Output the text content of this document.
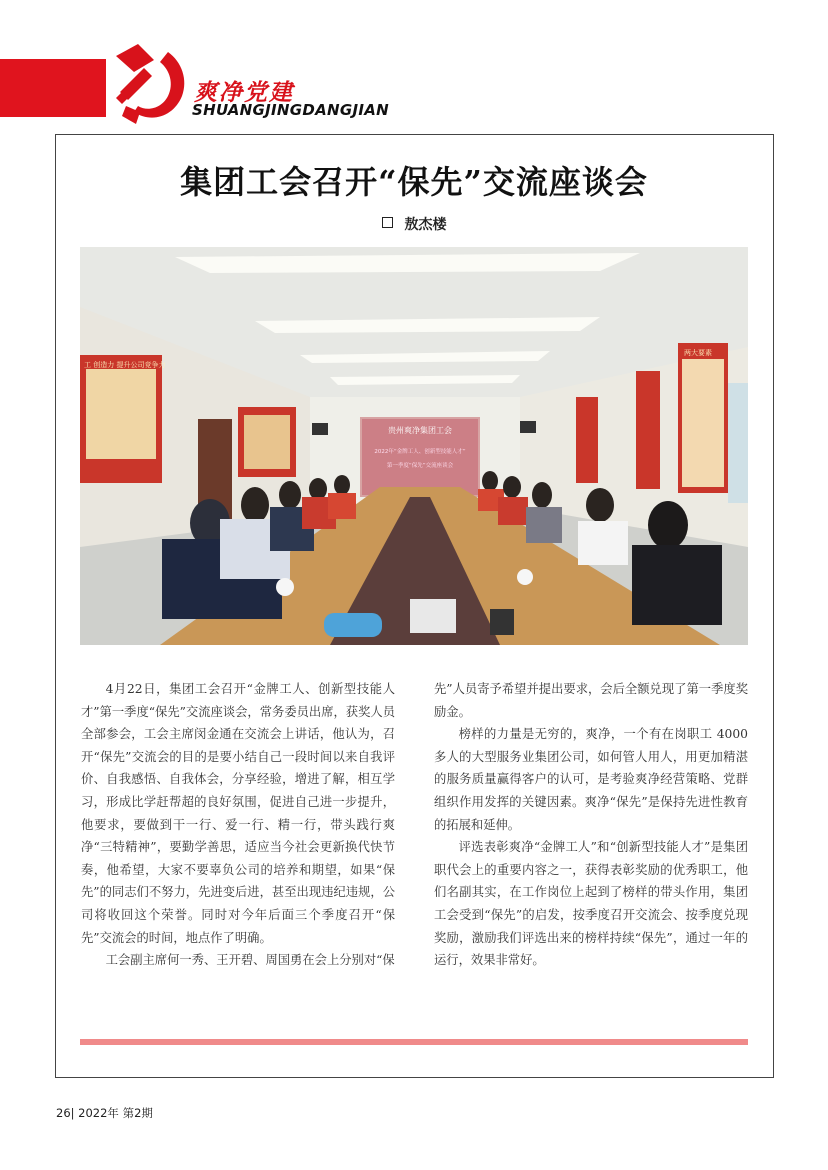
爽净党建
SHUANGJINGDANGJIAN
集团工会召开“保先”交流座谈会
敖杰楼
贵州爽净集团工会
2022年“金牌工人、创新型技能人才”
第一季度“保先”交流座谈会
工 创造力 提升公司竞争力
两大要素

4月22日，集团工会召开“金牌工人、创新型技能人才”第一季度“保先”交流座谈会，常务委员出席，获奖人员全部参会，工会主席闵金通在交流会上讲话，他认为，召开“保先”交流会的目的是要小结自己一段时间以来自我评价、自我感悟、自我体会，分享经验，增进了解，相互学习，形成比学赶帮超的良好氛围，促进自己进一步提升，他要求，要做到干一行、爱一行、精一行，带头践行爽净“三特精神”，要勤学善思，适应当今社会更新换代快节奏，他希望，大家不要辜负公司的培养和期望，如果“保先”的同志们不努力，先进变后进，甚至出现违纪违规，公司将收回这个荣誉。同时对今年后面三个季度召开“保先”交流会的时间，地点作了明确。

工会副主席何一秀、王开碧、周国勇在会上分别对“保

先”人员寄予希望并提出要求，会后全额兑现了第一季度奖励金。

榜样的力量是无穷的，爽净，一个有在岗职工 4000 多人的大型服务业集团公司，如何管人用人，用更加精湛的服务质量赢得客户的认可，是考验爽净经营策略、党群组织作用发挥的关键因素。爽净“保先”是保持先进性教育的拓展和延伸。

评选表彰爽净“金牌工人”和“创新型技能人才”是集团职代会上的重要内容之一，获得表彰奖励的优秀职工，他们名副其实，在工作岗位上起到了榜样的带头作用，集团工会受到“保先”的启发，按季度召开交流会、按季度兑现奖励，激励我们评选出来的榜样持续“保先”，通过一年的运行，效果非常好。

26| 2022年 第2期
